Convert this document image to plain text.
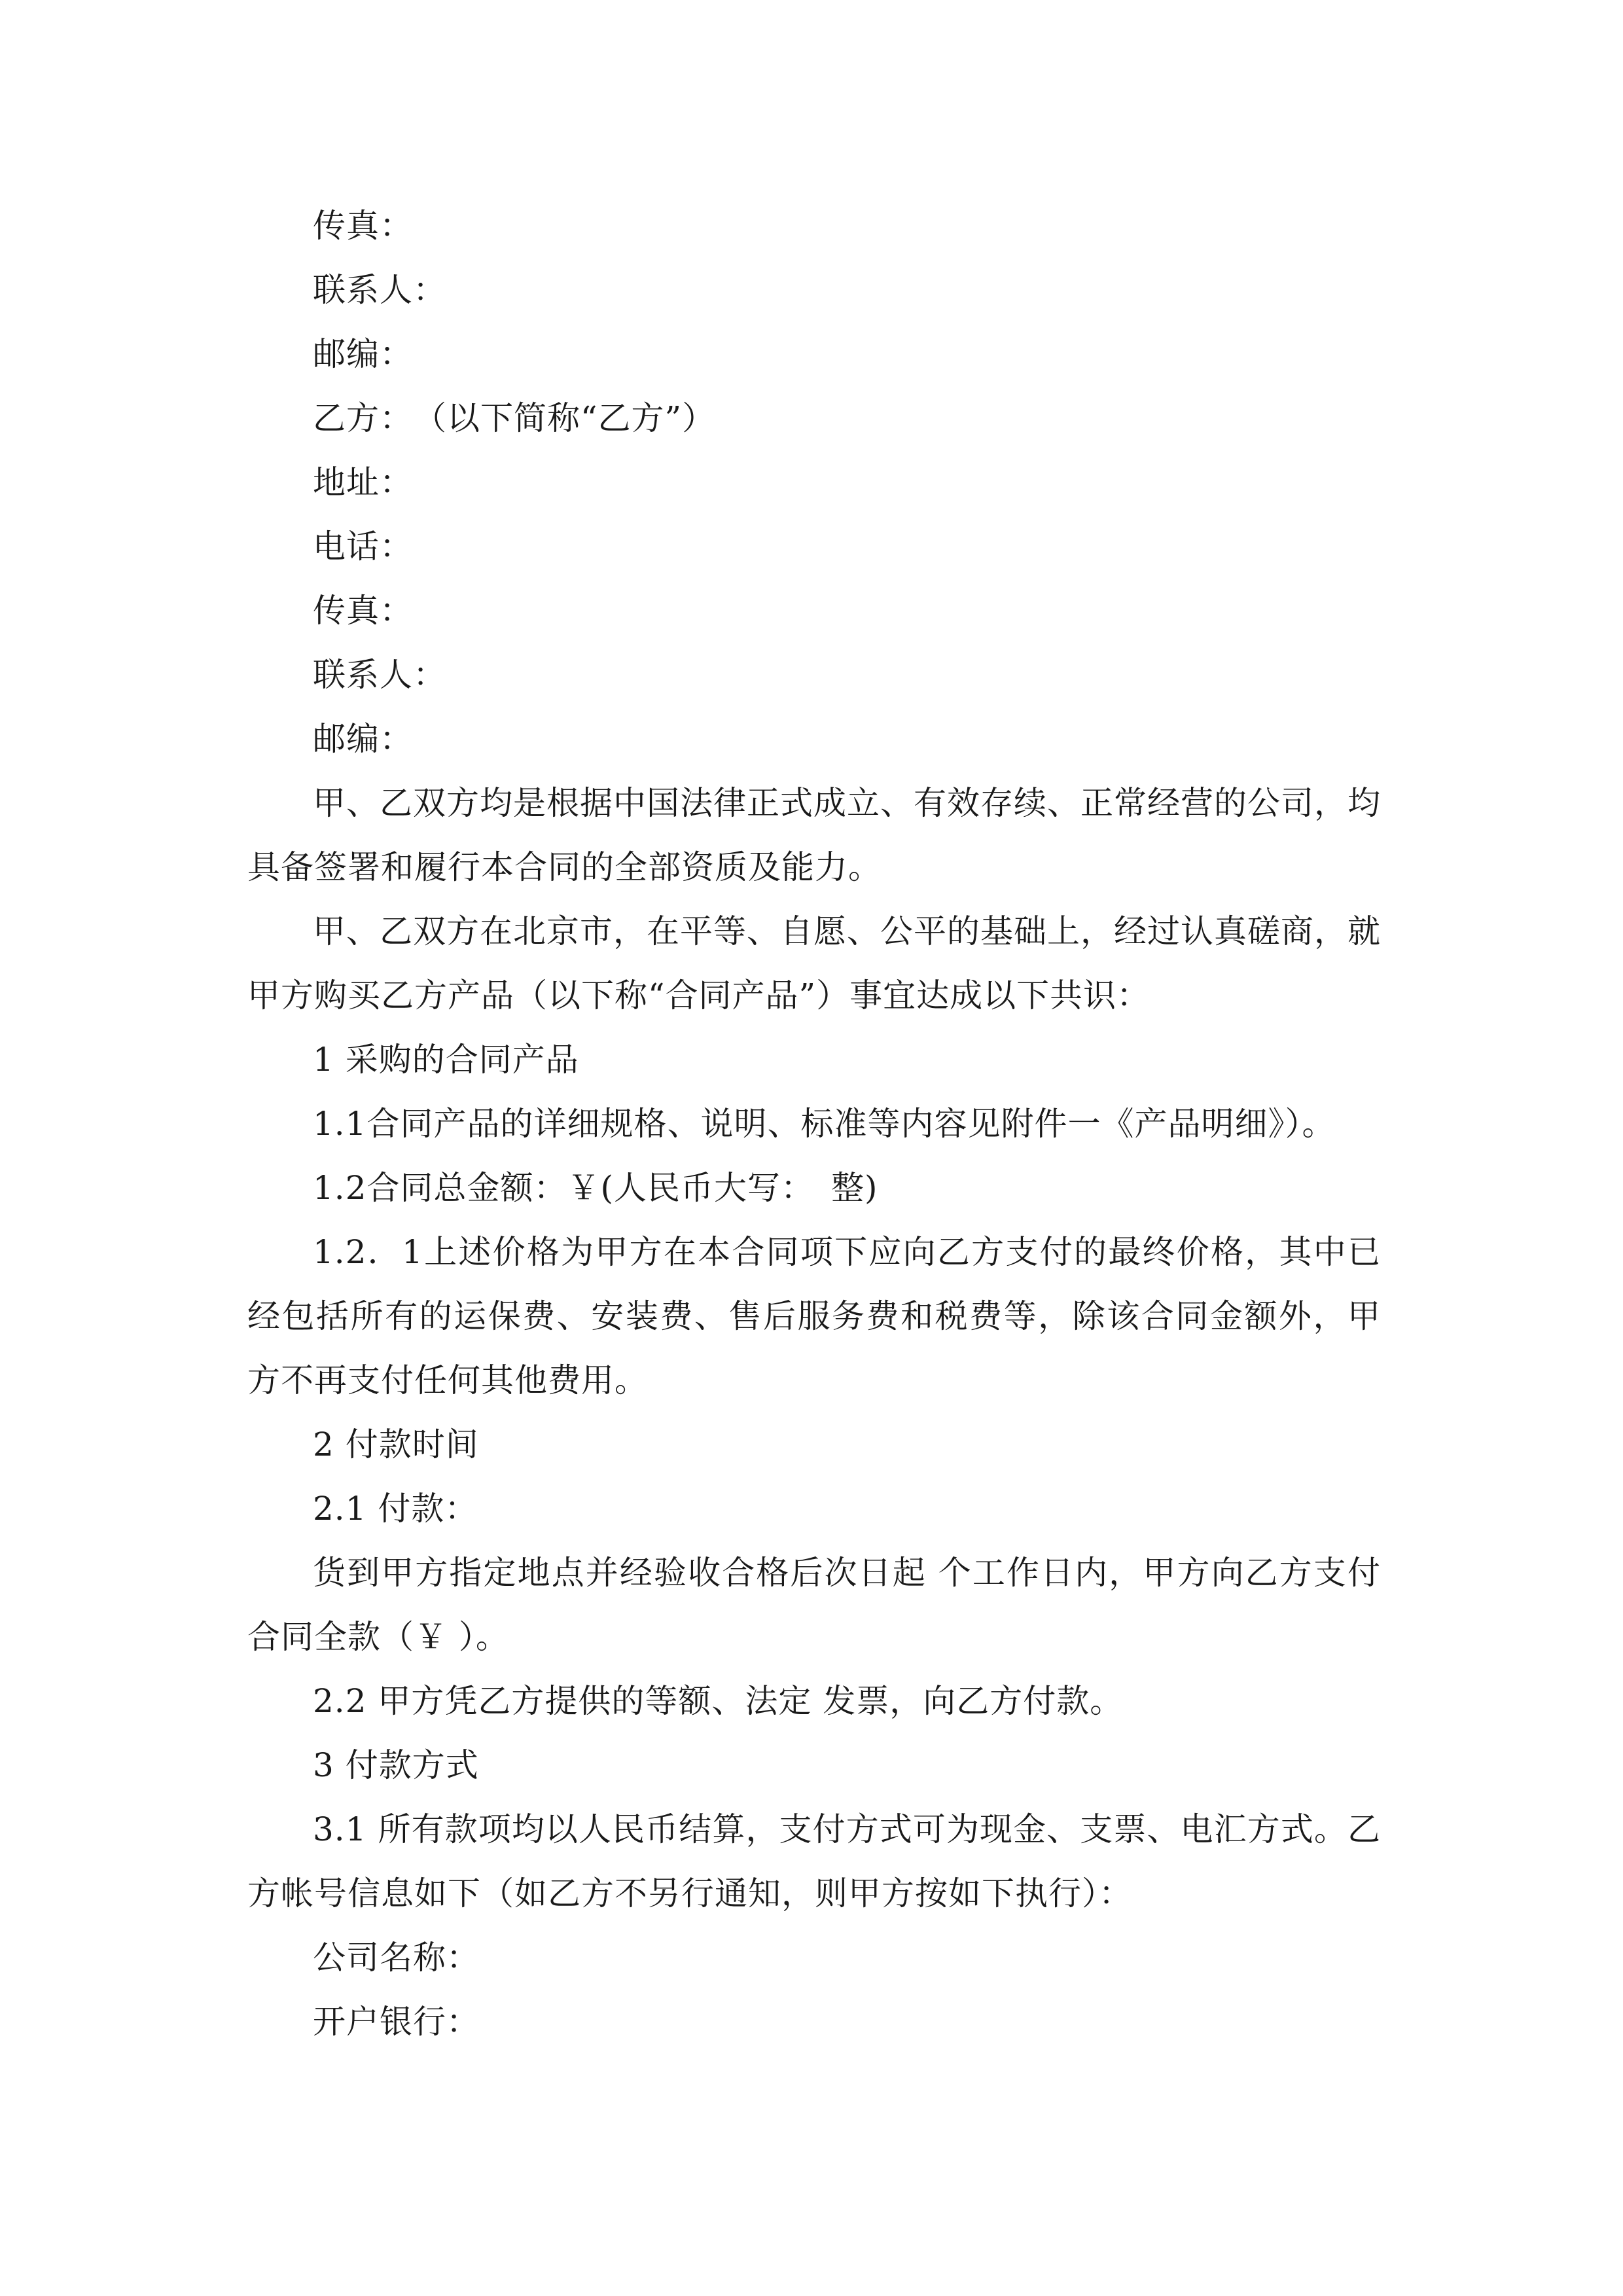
传真：

联系人：

邮编：

乙方：　（以下简称“乙方”）

地址：

电话：

传真：

联系人：

邮编：

甲、乙双方均是根据中国法律正式成立、有效存续、正常经营的公司，均具备签署和履行本合同的全部资质及能力。

甲、乙双方在北京市，在平等、自愿、公平的基础上，经过认真磋商，就甲方购买乙方产品（以下称“合同产品”）事宜达成以下共识：

1 采购的合同产品

1.1合同产品的详细规格、说明、标准等内容见附件一《产品明细》）。

1.2合同总金额：￥(人民币大写：　整)

1.2．1上述价格为甲方在本合同项下应向乙方支付的最终价格，其中已经包括所有的运保费、安装费、售后服务费和税费等，除该合同金额外，甲方不再支付任何其他费用。

2 付款时间

2.1 付款：

货到甲方指定地点并经验收合格后次日起 个工作日内，甲方向乙方支付合同全款（￥ ）。

2.2 甲方凭乙方提供的等额、法定 发票，向乙方付款。

3 付款方式

3.1 所有款项均以人民币结算，支付方式可为现金、支票、电汇方式。乙方帐号信息如下（如乙方不另行通知，则甲方按如下执行）：

公司名称：

开户银行：
